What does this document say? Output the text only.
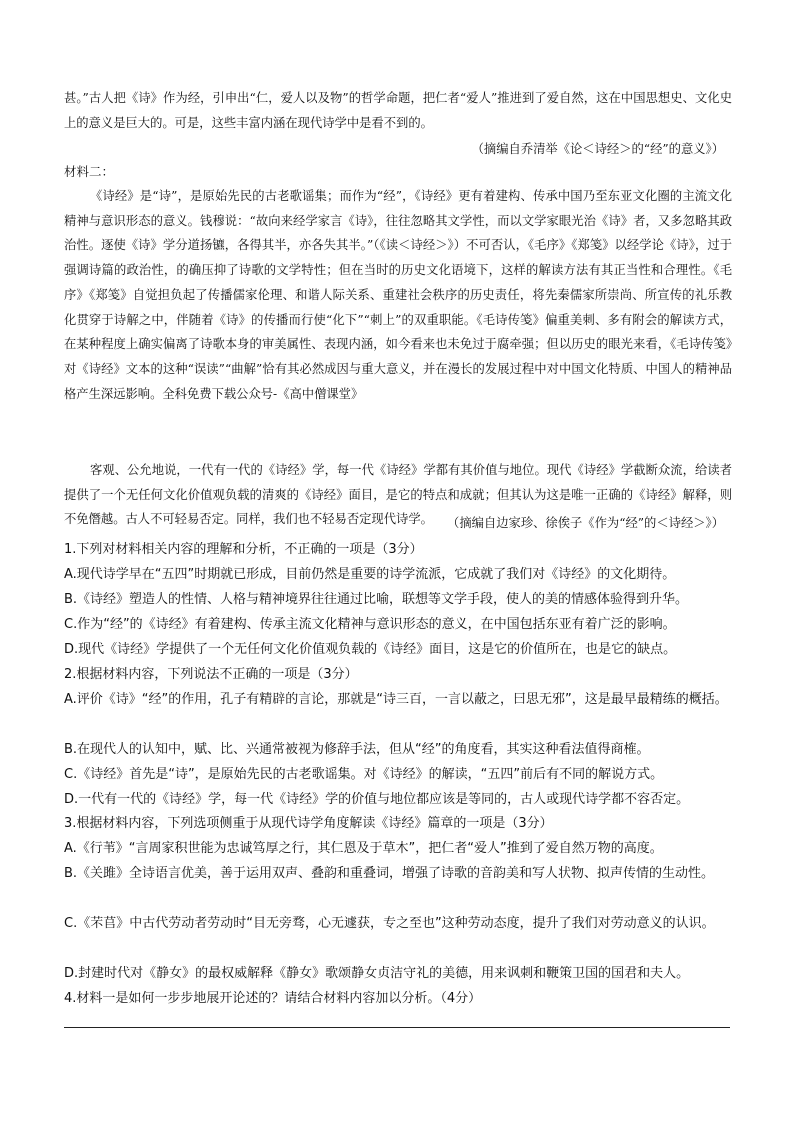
甚。”古人把《诗》作为经，引申出“仁，爱人以及物”的哲学命题，把仁者“爱人”推进到了爱自然，这在中国思想史、文化史上的意义是巨大的。可是，这些丰富内涵在现代诗学中是看不到的。

（摘编自乔清举《论＜诗经＞的“经”的意义》）

材料二：

《诗经》是“诗”，是原始先民的古老歌谣集；而作为“经”，《诗经》更有着建构、传承中国乃至东亚文化圈的主流文化精神与意识形态的意义。钱穆说：“故向来经学家言《诗》，往往忽略其文学性，而以文学家眼光治《诗》者，又多忽略其政治性。逐使《诗》学分道扬镳，各得其半，亦各失其半。”（《读＜诗经＞》）不可否认，《毛序》《郑笺》以经学论《诗》，过于强调诗篇的政治性，的确压抑了诗歌的文学特性；但在当时的历史文化语境下，这样的解读方法有其正当性和合理性。《毛序》《郑笺》自觉担负起了传播儒家伦理、和谐人际关系、重建社会秩序的历史责任，将先秦儒家所崇尚、所宣传的礼乐教化贯穿于诗解之中，伴随着《诗》的传播而行使“化下”“刺上”的双重职能。《毛诗传笺》偏重美刺、多有附会的解读方式，在某种程度上确实偏离了诗歌本身的审美属性、表现内涵，如今看来也未免过于腐牵强；但以历史的眼光来看，《毛诗传笺》对《诗经》文本的这种“误读”“曲解”恰有其必然成因与重大意义，并在漫长的发展过程中对中国文化特质、中国人的精神品格产生深远影响。全科免费下载公众号-《高中僧课堂》

客观、公允地说，一代有一代的《诗经》学，每一代《诗经》学都有其价值与地位。现代《诗经》学截断众流，给读者提供了一个无任何文化价值观负载的清爽的《诗经》面目，是它的特点和成就；但其认为这是唯一正确的《诗经》解释，则不免僭越。古人不可轻易否定。同样，我们也不轻易否定现代诗学。	（摘编自边家珍、徐俟子《作为“经”的＜诗经＞》）

1.下列对材料相关内容的理解和分析，不正确的一项是（3分）

A.现代诗学早在“五四”时期就已形成，目前仍然是重要的诗学流派，它成就了我们对《诗经》的文化期待。

B.《诗经》塑造人的性情、人格与精神境界往往通过比喻，联想等文学手段，使人的美的情感体验得到升华。

C.作为“经”的《诗经》有着建构、传承主流文化精神与意识形态的意义，在中国包括东亚有着广泛的影响。

D.现代《诗经》学提供了一个无任何文化价值观负载的《诗经》面目，这是它的价值所在，也是它的缺点。

2.根据材料内容，下列说法不正确的一项是（3分）

A.评价《诗》“经”的作用，孔子有精辟的言论，那就是“诗三百，一言以蔽之，曰思无邪”，这是最早最精练的概括。

B.在现代人的认知中，赋、比、兴通常被视为修辞手法，但从“经”的角度看，其实这种看法值得商榷。

C.《诗经》首先是“诗”，是原始先民的古老歌谣集。对《诗经》的解读，“五四”前后有不同的解说方式。

D.一代有一代的《诗经》学，每一代《诗经》学的价值与地位都应该是等同的，古人或现代诗学都不容否定。

3.根据材料内容，下列选项侧重于从现代诗学角度解读《诗经》篇章的一项是（3分）

A.《行苇》“言周家积世能为忠诚笃厚之行，其仁恩及于草木”，把仁者“爱人”推到了爱自然万物的高度。

B.《关雎》全诗语言优美，善于运用双声、叠韵和重叠词，增强了诗歌的音韵美和写人状物、拟声传情的生动性。

C.《芣苢》中古代劳动者劳动时“目无旁骛，心无遽获，专之至也”这种劳动态度，提升了我们对劳动意义的认识。

D.封建时代对《静女》的最权威解释《静女》歌颂静女贞洁守礼的美德，用来讽刺和鞭策卫国的国君和夫人。

4.材料一是如何一步步地展开论述的？请结合材料内容加以分析。（4分）
